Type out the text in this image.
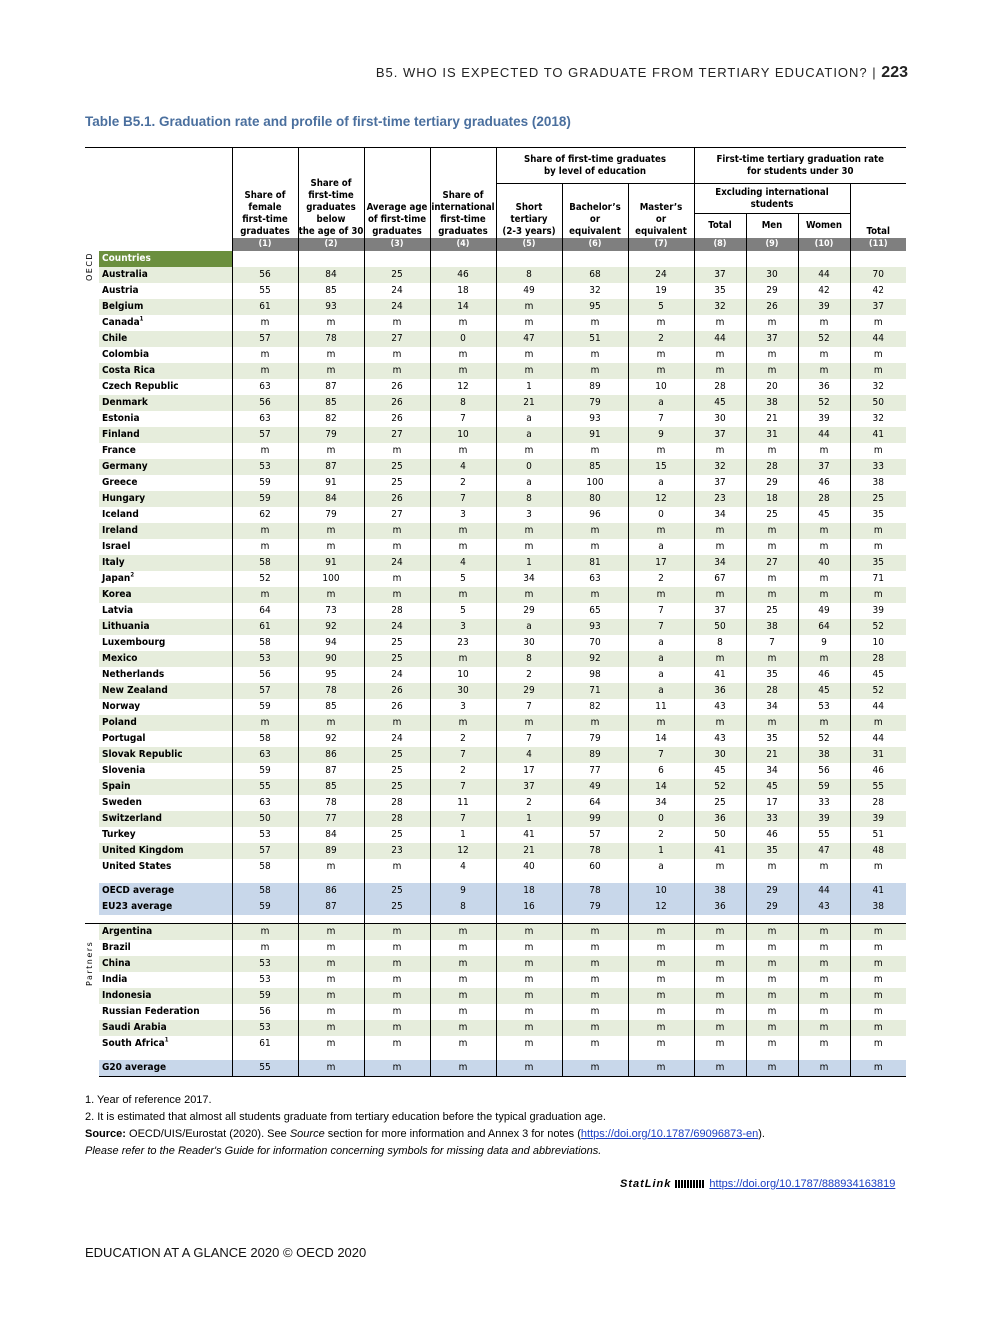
B5. WHO IS EXPECTED TO GRADUATE FROM TERTIARY EDUCATION? | 223
Table B5.1. Graduation rate and profile of first-time tertiary graduates (2018)

		Share of
female
first-time
graduates	Share of
first-time
graduates
below
the age of 30	Average age
of first-time
graduates	Share of
international
first-time
graduates	Share of first-time graduates
by level of education			First-time tertiary graduation rate
for students under 30			

						Short
tertiary
(2-3 years)	Bachelor’s
or
equivalent	Master’s
or
equivalent	Excluding international
students			Total
									Total	Men	Women	
		(1)	(2)	(3)	(4)	(5)	(6)	(7)	(8)	(9)	(10)	(11)

OECD	Countries											
	Australia	56	84	25	46	8	68	24	37	30	44	70
	Austria	55	85	24	18	49	32	19	35	29	42	42
	Belgium	61	93	24	14	m	95	5	32	26	39	37
	Canada$^1$	m	m	m	m	m	m	m	m	m	m	m
	Chile	57	78	27	0	47	51	2	44	37	52	44
	Colombia	m	m	m	m	m	m	m	m	m	m	m
	Costa Rica	m	m	m	m	m	m	m	m	m	m	m
	Czech Republic	63	87	26	12	1	89	10	28	20	36	32
	Denmark	56	85	26	8	21	79	a	45	38	52	50
	Estonia	63	82	26	7	a	93	7	30	21	39	32
	Finland	57	79	27	10	a	91	9	37	31	44	41
	France	m	m	m	m	m	m	m	m	m	m	m
	Germany	53	87	25	4	0	85	15	32	28	37	33
	Greece	59	91	25	2	a	100	a	37	29	46	38
	Hungary	59	84	26	7	8	80	12	23	18	28	25
	Iceland	62	79	27	3	3	96	0	34	25	45	35
	Ireland	m	m	m	m	m	m	m	m	m	m	m
	Israel	m	m	m	m	m	m	a	m	m	m	m
	Italy	58	91	24	4	1	81	17	34	27	40	35
	Japan$^2$	52	100	m	5	34	63	2	67	m	m	71
	Korea	m	m	m	m	m	m	m	m	m	m	m
	Latvia	64	73	28	5	29	65	7	37	25	49	39
	Lithuania	61	92	24	3	a	93	7	50	38	64	52
	Luxembourg	58	94	25	23	30	70	a	8	7	9	10
	Mexico	53	90	25	m	8	92	a	m	m	m	28
	Netherlands	56	95	24	10	2	98	a	41	35	46	45
	New Zealand	57	78	26	30	29	71	a	36	28	45	52
	Norway	59	85	26	3	7	82	11	43	34	53	44
	Poland	m	m	m	m	m	m	m	m	m	m	m
	Portugal	58	92	24	2	7	79	14	43	35	52	44
	Slovak Republic	63	86	25	7	4	89	7	30	21	38	31
	Slovenia	59	87	25	2	17	77	6	45	34	56	46
	Spain	55	85	25	7	37	49	14	52	45	59	55
	Sweden	63	78	28	11	2	64	34	25	17	33	28
	Switzerland	50	77	28	7	1	99	0	36	33	39	39
	Turkey	53	84	25	1	41	57	2	50	46	55	51
	United Kingdom	57	89	23	12	21	78	1	41	35	47	48
	United States	58	m	m	4	40	60	a	m	m	m	m

	OECD average	58	86	25	9	18	78	10	38	29	44	41
	EU23 average	59	87	25	8	16	79	12	36	29	43	38

Partners	Argentina	m	m	m	m	m	m	m	m	m	m	m
	Brazil	m	m	m	m	m	m	m	m	m	m	m
	China	53	m	m	m	m	m	m	m	m	m	m
	India	53	m	m	m	m	m	m	m	m	m	m
	Indonesia	59	m	m	m	m	m	m	m	m	m	m
	Russian Federation	56	m	m	m	m	m	m	m	m	m	m
	Saudi Arabia	53	m	m	m	m	m	m	m	m	m	m
	South Africa$^1$	61	m	m	m	m	m	m	m	m	m	m

	G20 average	55	m	m	m	m	m	m	m	m	m	m
1. Year of reference 2017.
2. It is estimated that almost all students graduate from tertiary education before the typical graduation age.
Source: OECD/UIS/Eurostat (2020). See Source section for more information and Annex 3 for notes (https://doi.org/10.1787/69096873-en).
Please refer to the Reader's Guide for information concerning symbols for missing data and abbreviations.
StatLink	https://doi.org/10.1787/888934163819
EDUCATION AT A GLANCE 2020 © OECD 2020
